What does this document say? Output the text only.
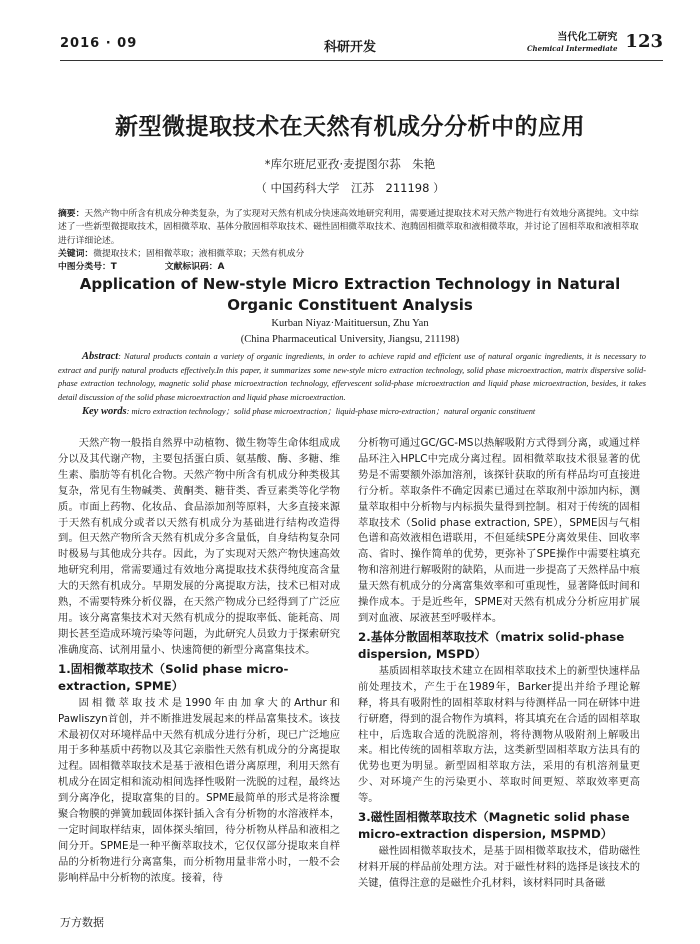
2016 · 09	科研开发
当代化工研究
Chemical Intermediate 123
新型微提取技术在天然有机成分分析中的应用
*库尔班尼亚孜·麦提图尔荪　朱艳
（ 中国药科大学　江苏　211198 ）
摘要：天然产物中所含有机成分种类复杂，为了实现对天然有机成分快速高效地研究利用，需要通过提取技术对天然产物进行有效地分离提纯。文中综述了一些新型微提取技术，固相微萃取、基体分散固相萃取技术、磁性固相微萃取技术、泡腾固相微萃取和液相微萃取，并讨论了固相萃取和液相萃取进行详细论述。
关键词：微提取技术；固相微萃取；液相微萃取；天然有机成分
中图分类号：T	文献标识码：A
Application of New-style Micro Extraction Technology in Natural Organic Constituent Analysis
Kurban Niyaz·Maitituersun, Zhu Yan
(China Pharmaceutical University, Jiangsu, 211198)
Abstract: Natural products contain a variety of organic ingredients, in order to achieve rapid and efficient use of natural organic ingredients, it is necessary to extract and purify natural products effectively.In this paper, it summarizes some new-style micro extraction technology, solid phase microextraction, matrix dispersive solid-phase extraction technology, magnetic solid phase microextraction technology, effervescent solid-phase microextraction and liquid phase microextraction, besides, it takes detail discussion of the solid phase microextraction and liquid phase microextraction.
Key words: micro extraction technology；solid phase microextraction；liquid-phase micro-extraction；natural organic constituent

天然产物一般指自然界中动植物、微生物等生命体组成成分以及其代谢产物，主要包括蛋白质、氨基酸、酶、多糖、维生素、脂肪等有机化合物。天然产物中所含有机成分种类极其复杂，常见有生物碱类、黄酮类、糖苷类、香豆素类等化学物质。市面上药物、化妆品、食品添加剂等原料，大多直接来源于天然有机成分或者以天然有机成分为基础进行结构改造得到。但天然产物所含天然有机成分多含量低，自身结构复杂同时极易与其他成分共存。因此，为了实现对天然产物快速高效地研究利用，常需要通过有效地分离提取技术获得纯度高含量大的天然有机成分。早期发展的分离提取方法，技术已相对成熟，不需要特殊分析仪器，在天然产物成分已经得到了广泛应用。该分离富集技术对天然有机成分的提取率低、能耗高、周期长甚至造成环境污染等问题，为此研究人员致力于探索研究准确度高、试剂用量小、快速简便的新型分离富集技术。

1.固相微萃取技术（Solid phase micro-extraction, SPME）

固相微萃取技术是1990年由加拿大的Arthur和Pawliszyn首创，并不断推进发展起来的样品富集技术。该技术最初仅对环境样品中天然有机成分进行分析，现已广泛地应用于多种基质中药物以及其它亲脂性天然有机成分的分离提取过程。固相微萃取技术是基于液相色谱分离原理，利用天然有机成分在固定相和流动相间选择性吸附一洗脱的过程，最终达到分离净化，提取富集的目的。SPME最简单的形式是将涂覆聚合物膜的弹簧加载固体探针插入含有分析物的水溶液样本，一定时间取样结束，固体探头缩回，待分析物从样品和液相之间分开。SPME是一种平衡萃取技术，它仅仅部分提取来自样品的分析物进行分离富集，而分析物用量非常小时，一般不会影响样品中分析物的浓度。接着，待

分析物可通过GC/GC-MS以热解吸附方式得到分离，或通过样品环注入HPLC中完成分离过程。固相微萃取技术很显著的优势是不需要额外添加溶剂，该探针获取的所有样品均可直接进行分析。萃取条件不确定因素已通过在萃取剂中添加内标，测量萃取相中分析物与内标损失量得到控制。相对于传统的固相萃取技术（Solid phase extraction, SPE），SPME因与气相色谱和高效液相色谱联用，不但延续SPE分离效果佳、回收率高、省时、操作简单的优势，更弥补了SPE操作中需要柱填充物和溶剂进行解吸附的缺陷，从而进一步提高了天然样品中痕量天然有机成分的分离富集效率和可重现性，显著降低时间和操作成本。于是近些年，SPME对天然有机成分分析应用扩展到对血液、尿液甚至呼吸样本。

2.基体分散固相萃取技术（matrix solid-phase dispersion, MSPD）

基质固相萃取技术建立在固相萃取技术上的新型快速样品前处理技术，产生于在1989年，Barker提出并给予理论解释，将具有吸附性的固相萃取材料与待测样品一同在研钵中进行研磨，得到的混合物作为填料，将其填充在合适的固相萃取柱中，后选取合适的洗脱溶剂，将待测物从吸附剂上解吸出来。相比传统的固相萃取方法，这类新型固相萃取方法具有的优势也更为明显。新型固相萃取方法，采用的有机溶剂量更少、对环境产生的污染更小、萃取时间更短、萃取效率更高等。

3.磁性固相微萃取技术（Magnetic solid phase micro-extraction dispersion, MSPMD）

磁性固相微萃取技术，是基于固相微萃取技术，借助磁性材料开展的样品前处理方法。对于磁性材料的选择是该技术的关键，值得注意的是磁性介孔材料，该材料同时具备磁

万方数据
